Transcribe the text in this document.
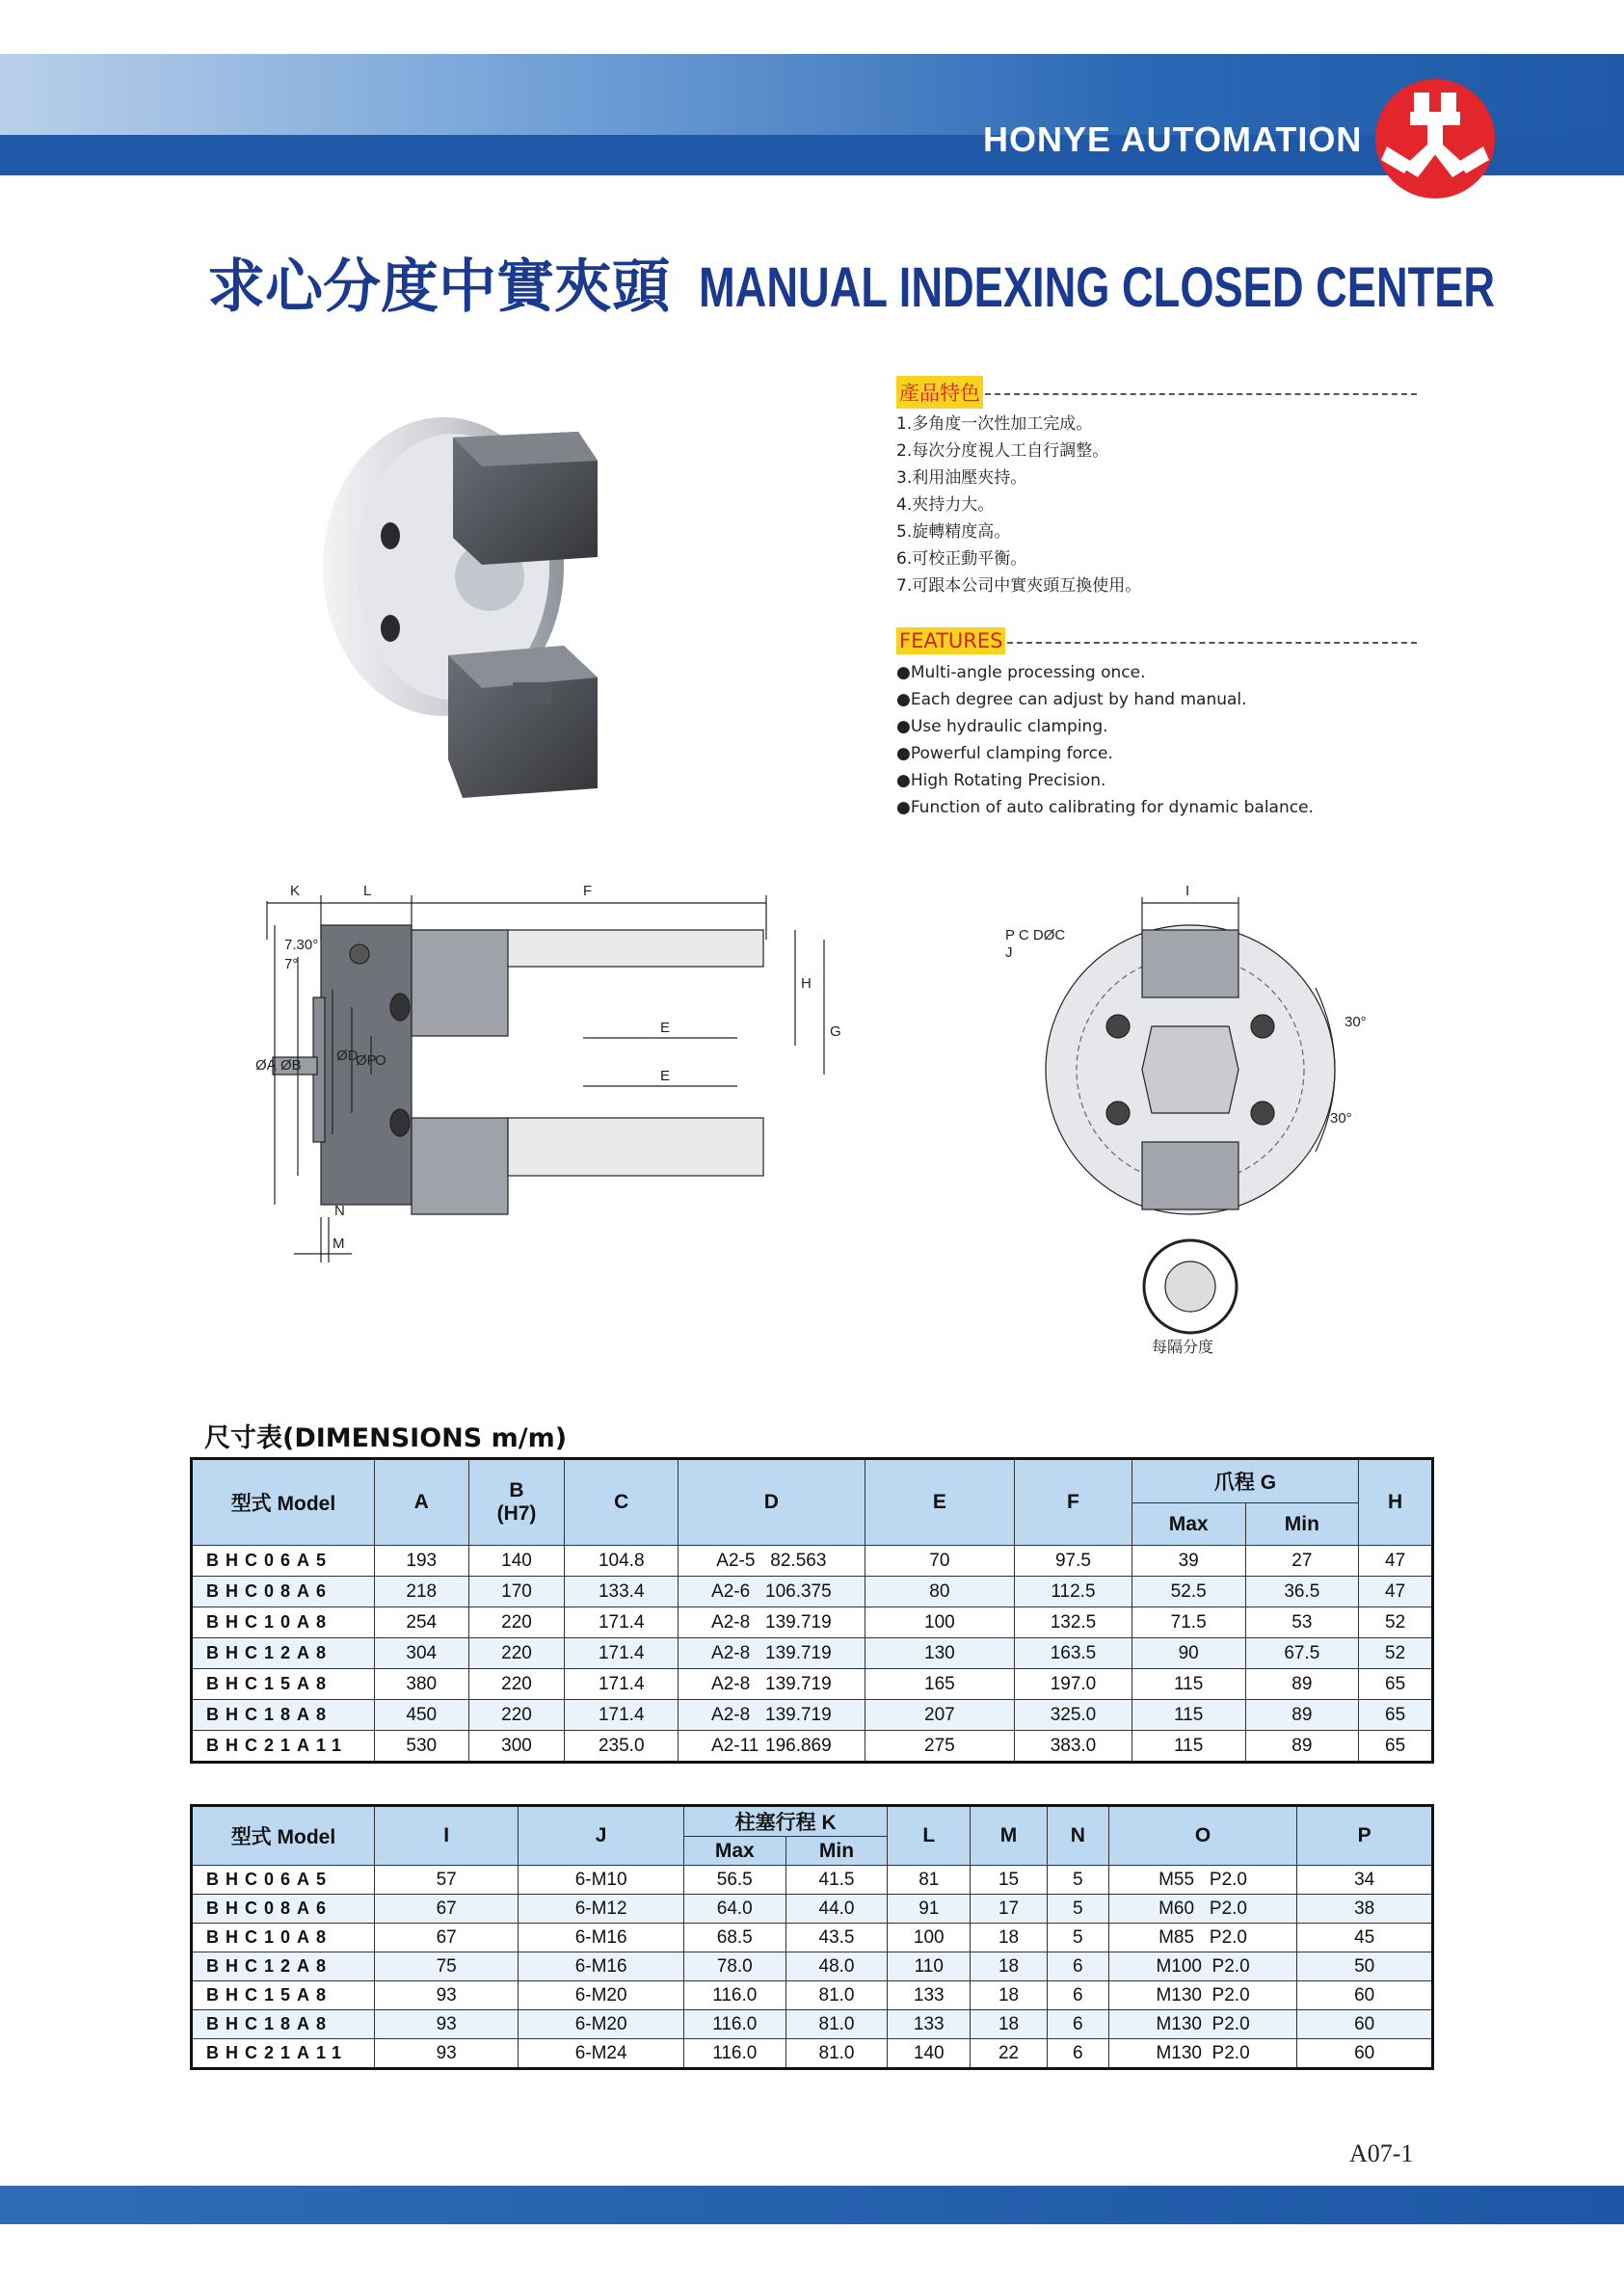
HONYE AUTOMATION
求心分度中實夾頭 MANUAL INDEXING CLOSED CENTER
產品特色
1.多角度一次性加工完成。
2.每次分度視人工自行調整。
3.利用油壓夾持。
4.夾持力大。
5.旋轉精度高。
6.可校正動平衡。
7.可跟本公司中實夾頭互換使用。
FEATURES
●Multi-angle processing once.
●Each degree can adjust by hand manual.
●Use hydraulic clamping.
●Powerful clamping force.
●High Rotating Precision.
●Function of auto calibrating for dynamic balance.
K	L	F
H
G
E
E
ØA ØB
ØD
ØP
O
N
M
7°
7.30°
I
P C DØC
J
30°
30°
每隔分度
尺寸表(DIMENSIONS m/m)
型式 Model	A	B
(H7)	C	D	E	F	爪程 G		H
							Max	Min	
BHC06A5	193	140	104.8	A2-5 82.563	70	97.5	39	27	47
BHC08A6	218	170	133.4	A2-6 106.375	80	112.5	52.5	36.5	47
BHC10A8	254	220	171.4	A2-8 139.719	100	132.5	71.5	53	52
BHC12A8	304	220	171.4	A2-8 139.719	130	163.5	90	67.5	52
BHC15A8	380	220	171.4	A2-8 139.719	165	197.0	115	89	65
BHC18A8	450	220	171.4	A2-8 139.719	207	325.0	115	89	65
BHC21A11	530	300	235.0	A2-11 196.869	275	383.0	115	89	65
型式 Model	I	J	柱塞行程 K		L	M	N	O	P
			Max	Min					
BHC06A5	57	6-M10	56.5	41.5	81	15	5	M55   P2.0	34
BHC08A6	67	6-M12	64.0	44.0	91	17	5	M60   P2.0	38
BHC10A8	67	6-M16	68.5	43.5	100	18	5	M85   P2.0	45
BHC12A8	75	6-M16	78.0	48.0	110	18	6	M100  P2.0	50
BHC15A8	93	6-M20	116.0	81.0	133	18	6	M130  P2.0	60
BHC18A8	93	6-M20	116.0	81.0	133	18	6	M130  P2.0	60
BHC21A11	93	6-M24	116.0	81.0	140	22	6	M130  P2.0	60
A07-1
